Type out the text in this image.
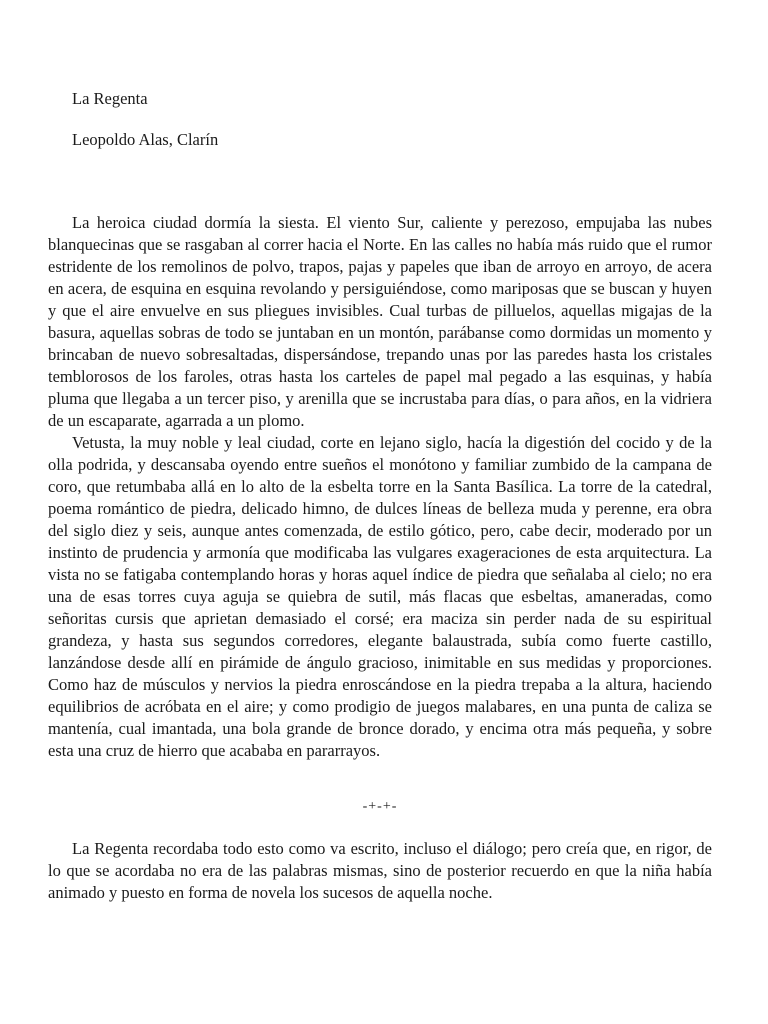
La Regenta

Leopoldo Alas, Clarín

La heroica ciudad dormía la siesta. El viento Sur, caliente y perezoso, empujaba las nubes blanquecinas que se rasgaban al correr hacia el Norte. En las calles no había más ruido que el rumor estridente de los remolinos de polvo, trapos, pajas y papeles que iban de arroyo en arroyo, de acera en acera, de esquina en esquina revolando y persiguiéndose, como mariposas que se buscan y huyen y que el aire envuelve en sus pliegues invisibles. Cual turbas de pilluelos, aquellas migajas de la basura, aquellas sobras de todo se juntaban en un montón, parábanse como dormidas un momento y brincaban de nuevo sobresaltadas, dispersándose, trepando unas por las paredes hasta los cristales temblorosos de los faroles, otras hasta los carteles de papel mal pegado a las esquinas, y había pluma que llegaba a un tercer piso, y arenilla que se incrustaba para días, o para años, en la vidriera de un escaparate, agarrada a un plomo.

Vetusta, la muy noble y leal ciudad, corte en lejano siglo, hacía la digestión del cocido y de la olla podrida, y descansaba oyendo entre sueños el monótono y familiar zumbido de la campana de coro, que retumbaba allá en lo alto de la esbelta torre en la Santa Basílica. La torre de la catedral, poema romántico de piedra, delicado himno, de dulces líneas de belleza muda y perenne, era obra del siglo diez y seis, aunque antes comenzada, de estilo gótico, pero, cabe decir, moderado por un instinto de prudencia y armonía que modificaba las vulgares exageraciones de esta arquitectura. La vista no se fatigaba contemplando horas y horas aquel índice de piedra que señalaba al cielo; no era una de esas torres cuya aguja se quiebra de sutil, más flacas que esbeltas, amaneradas, como señoritas cursis que aprietan demasiado el corsé; era maciza sin perder nada de su espiritual grandeza, y hasta sus segundos corredores, elegante balaustrada, subía como fuerte castillo, lanzándose desde allí en pirámide de ángulo gracioso, inimitable en sus medidas y proporciones. Como haz de músculos y nervios la piedra enroscándose en la piedra trepaba a la altura, haciendo equilibrios de acróbata en el aire; y como prodigio de juegos malabares, en una punta de caliza se mantenía, cual imantada, una bola grande de bronce dorado, y encima otra más pequeña, y sobre esta una cruz de hierro que acababa en pararrayos.

-+-+-

La Regenta recordaba todo esto como va escrito, incluso el diálogo; pero creía que, en rigor, de lo que se acordaba no era de las palabras mismas, sino de posterior recuerdo en que la niña había animado y puesto en forma de novela los sucesos de aquella noche.
